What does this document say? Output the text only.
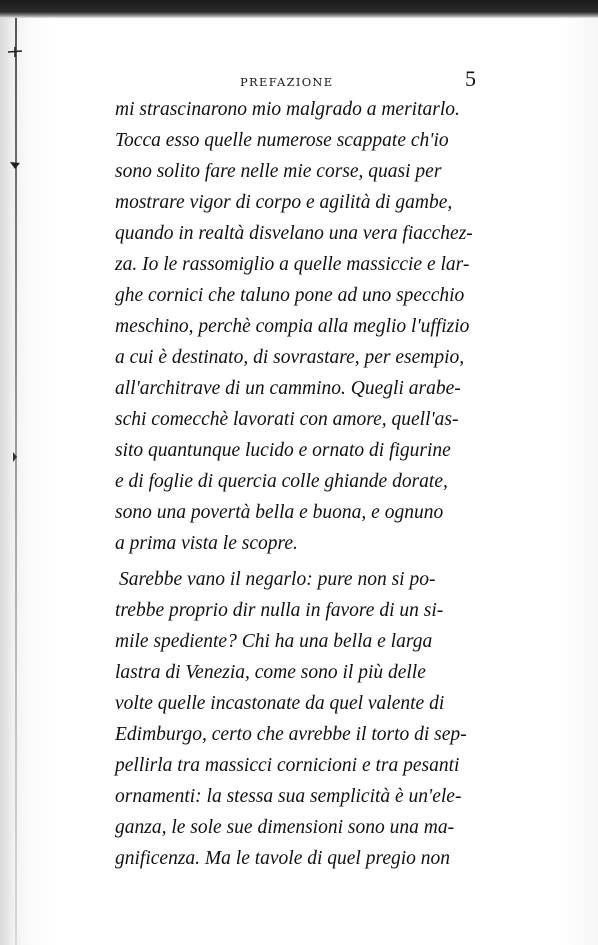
PREFAZIONE	5
mi strascinarono mio malgrado a meritarlo.
Tocca esso quelle numerose scappate ch'io
sono solito fare nelle mie corse, quasi per
mostrare vigor di corpo e agilità di gambe,
quando in realtà disvelano una vera fiacchez-
za. Io le rassomiglio a quelle massiccie e lar-
ghe cornici che taluno pone ad uno specchio
meschino, perchè compia alla meglio l'uffizio
a cui è destinato, di sovrastare, per esempio,
all'architrave di un cammino. Quegli arabe-
schi comecchè lavorati con amore, quell'as-
sito quantunque lucido e ornato di figurine
e di foglie di quercia colle ghiande dorate,
sono una povertà bella e buona, e ognuno
a prima vista le scopre.
Sarebbe vano il negarlo: pure non si po-
trebbe proprio dir nulla in favore di un si-
mile spediente? Chi ha una bella e larga
lastra di Venezia, come sono il più delle
volte quelle incastonate da quel valente di
Edimburgo, certo che avrebbe il torto di sep-
pellirla tra massicci cornicioni e tra pesanti
ornamenti: la stessa sua semplicità è un'ele-
ganza, le sole sue dimensioni sono una ma-
gnificenza. Ma le tavole di quel pregio non
